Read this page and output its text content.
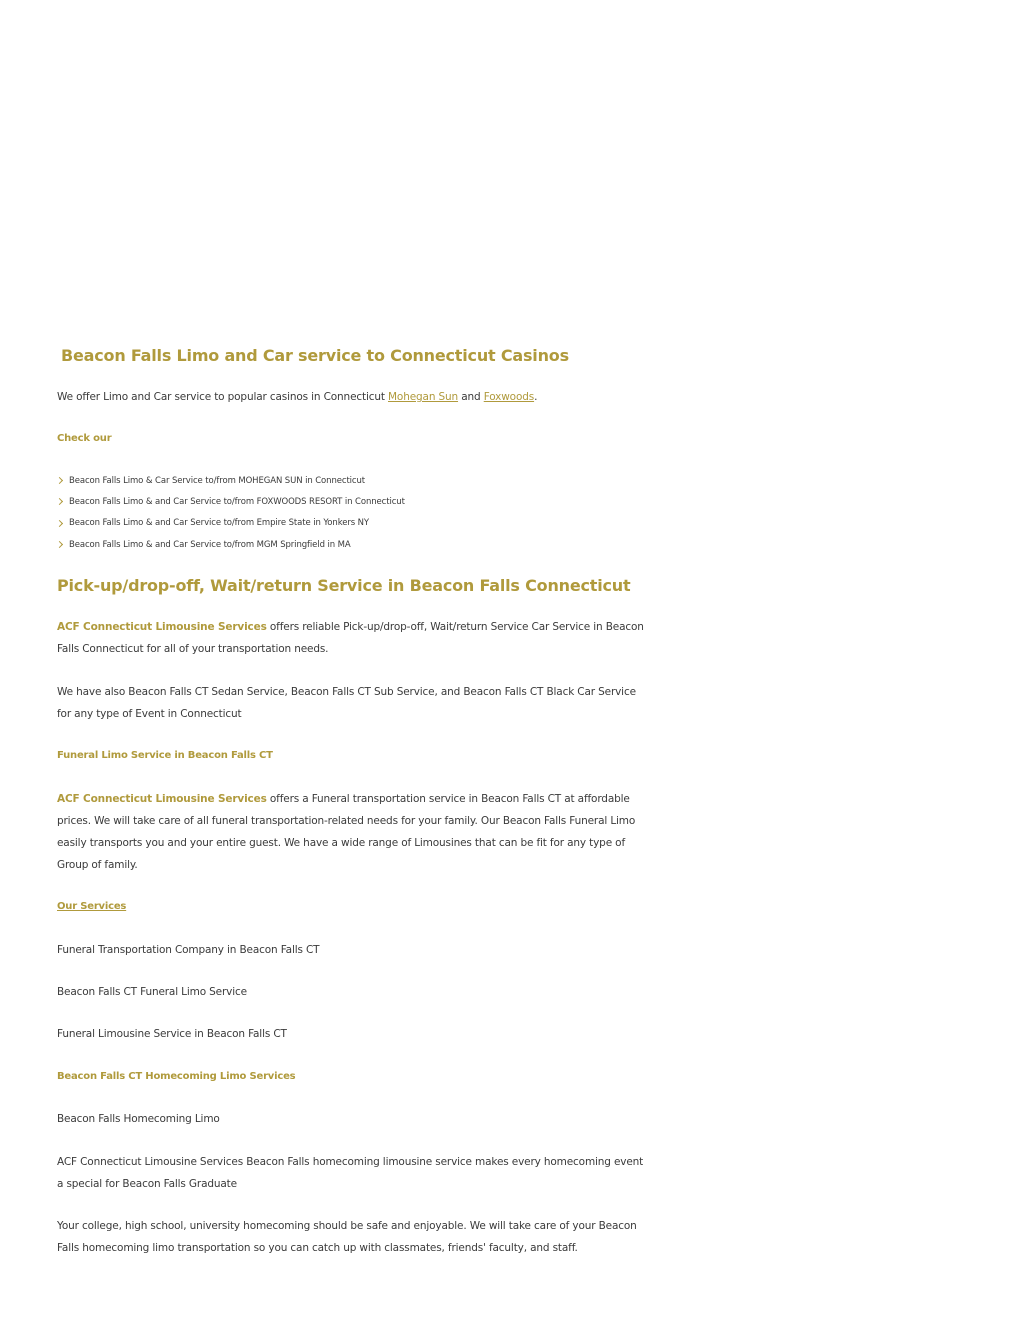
Beacon Falls Limo and Car service to Connecticut Casinos

We offer Limo and Car service to popular casinos in Connecticut Mohegan Sun and Foxwoods.

Check our
Beacon Falls Limo & Car Service to/from MOHEGAN SUN in Connecticut
Beacon Falls Limo & and Car Service to/from FOXWOODS RESORT in Connecticut
Beacon Falls Limo & and Car Service to/from Empire State in Yonkers NY
Beacon Falls Limo & and Car Service to/from MGM Springfield in MA
Pick-up/drop-off, Wait/return Service in Beacon Falls Connecticut

ACF Connecticut Limousine Services offers reliable Pick-up/drop-off, Wait/return Service Car Service in Beacon Falls Connecticut for all of your transportation needs.

We have also Beacon Falls CT Sedan Service, Beacon Falls CT Sub Service, and Beacon Falls CT Black Car Service for any type of Event in Connecticut

Funeral Limo Service in Beacon Falls CT

ACF Connecticut Limousine Services offers a Funeral transportation service in Beacon Falls CT at affordable prices. We will take care of all funeral transportation-related needs for your family. Our Beacon Falls Funeral Limo easily transports you and your entire guest. We have a wide range of Limousines that can be fit for any type of Group of family.

Our Services

Funeral Transportation Company in Beacon Falls CT

Beacon Falls CT Funeral Limo Service

Funeral Limousine Service in Beacon Falls CT

Beacon Falls CT Homecoming Limo Services

Beacon Falls Homecoming Limo

ACF Connecticut Limousine Services Beacon Falls homecoming limousine service makes every homecoming event a special for Beacon Falls Graduate

Your college, high school, university homecoming should be safe and enjoyable. We will take care of your Beacon Falls homecoming limo transportation so you can catch up with classmates, friends' faculty, and staff.
